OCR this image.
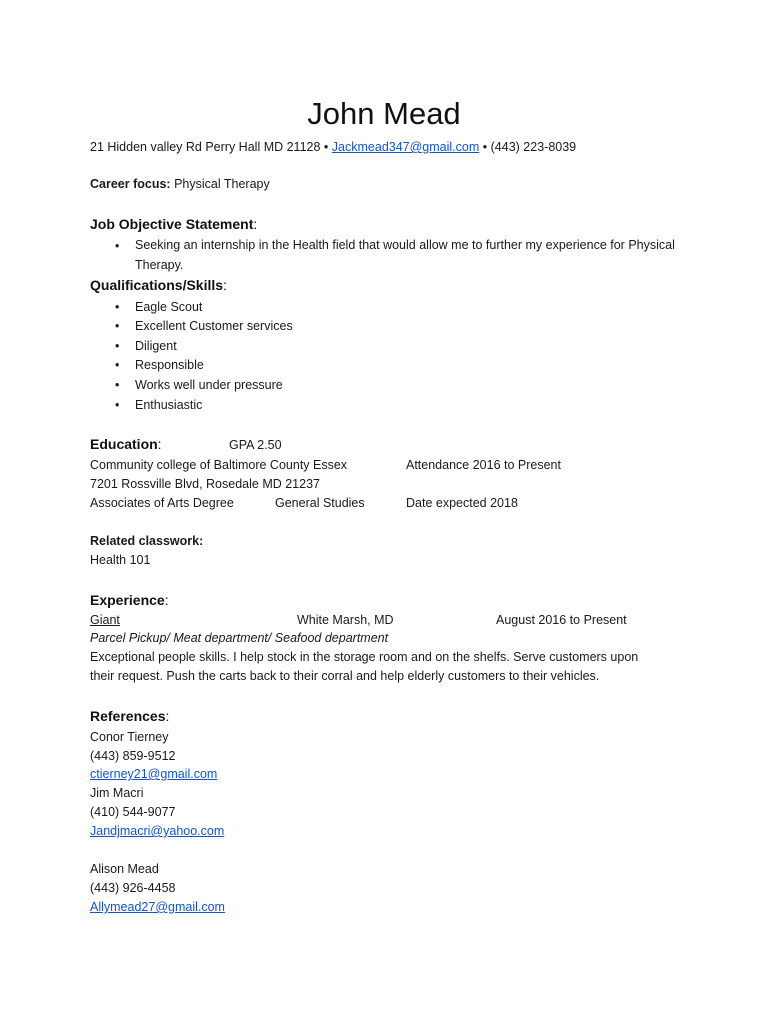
John Mead
21 Hidden valley Rd Perry Hall MD 21128 • Jackmead347@gmail.com • (443) 223-8039
Career focus: Physical Therapy
Job Objective Statement:
• Seeking an internship in the Health field that would allow me to further my experience for Physical Therapy.
Qualifications/Skills:
• Eagle Scout
• Excellent Customer services
• Diligent
• Responsible
• Works well under pressure
• Enthusiastic
Education:	GPA 2.50
Community college of Baltimore County Essex	Attendance 2016 to Present
7201 Rossville Blvd, Rosedale MD 21237
Associates of Arts Degree	General Studies	Date expected 2018
Related classwork:
Health 101
Experience:
Giant	White Marsh, MD	August 2016 to Present
Parcel Pickup/ Meat department/ Seafood department
Exceptional people skills. I help stock in the storage room and on the shelfs. Serve customers upon their request. Push the carts back to their corral and help elderly customers to their vehicles.
References:
Conor Tierney
(443) 859-9512
ctierney21@gmail.com
Jim Macri
(410) 544-9077
Jandjmacri@yahoo.com
Alison Mead
(443) 926-4458
Allymead27@gmail.com
